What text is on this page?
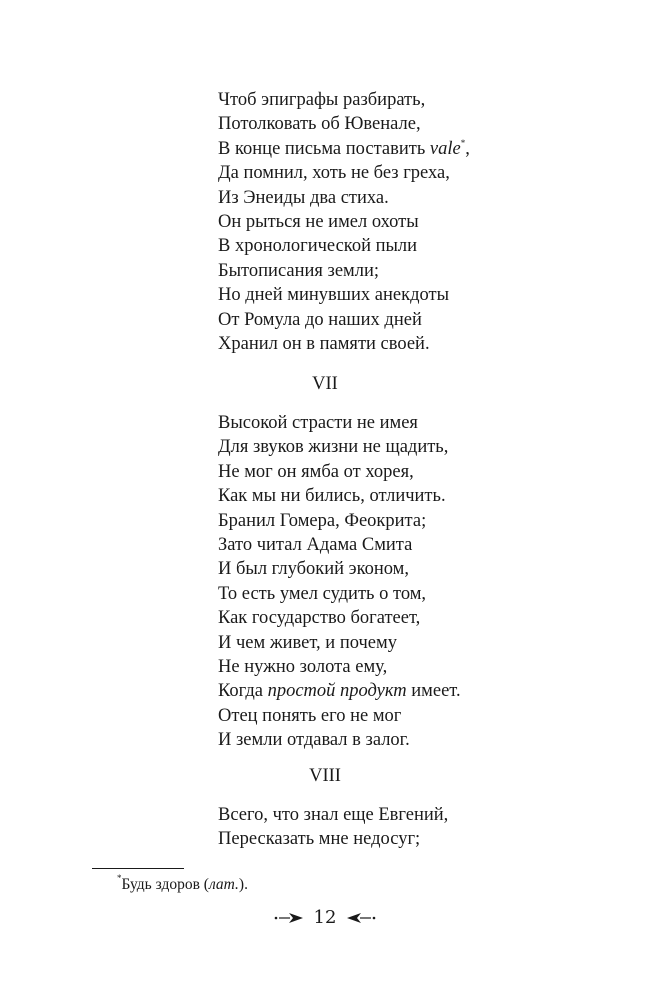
Чтоб эпиграфы разбирать,
Потолковать об Ювенале,
В конце письма поставить vale*,
Да помнил, хоть не без греха,
Из Энеиды два стиха.
Он рыться не имел охоты
В хронологической пыли
Бытописания земли;
Но дней минувших анекдоты
От Ромула до наших дней
Хранил он в памяти своей.
VII
Высокой страсти не имея
Для звуков жизни не щадить,
Не мог он ямба от хорея,
Как мы ни бились, отличить.
Бранил Гомера, Феокрита;
Зато читал Адама Смита
И был глубокий эконом,
То есть умел судить о том,
Как государство богатеет,
И чем живет, и почему
Не нужно золота ему,
Когда простой продукт имеет.
Отец понять его не мог
И земли отдавал в залог.
VIII
Всего, что знал еще Евгений,
Пересказать мне недосуг;
*Будь здоров (лат.).
12
